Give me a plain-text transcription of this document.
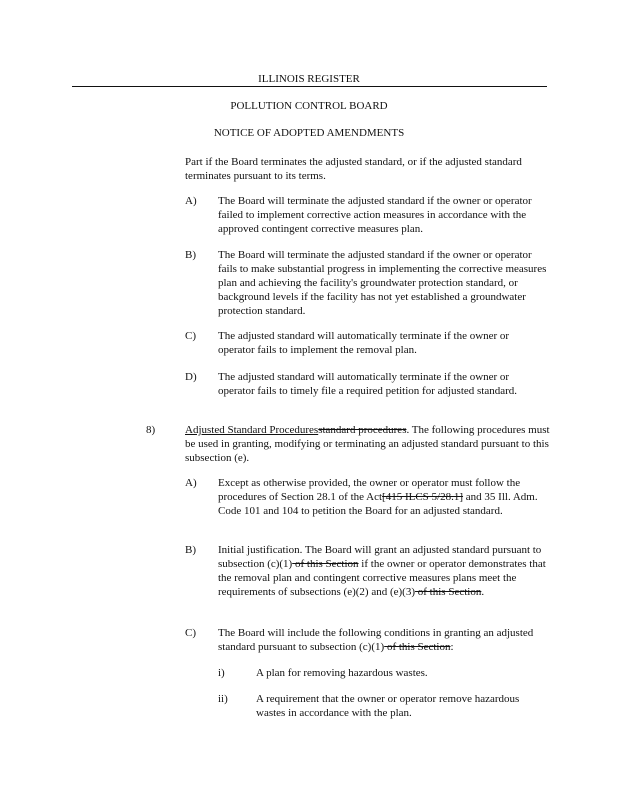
ILLINOIS REGISTER
POLLUTION CONTROL BOARD
NOTICE OF ADOPTED AMENDMENTS
Part if the Board terminates the adjusted standard, or if the adjusted standard terminates pursuant to its terms.
A) The Board will terminate the adjusted standard if the owner or operator failed to implement corrective action measures in accordance with the approved contingent corrective measures plan.
B) The Board will terminate the adjusted standard if the owner or operator fails to make substantial progress in implementing the corrective measures plan and achieving the facility's groundwater protection standard, or background levels if the facility has not yet established a groundwater protection standard.
C) The adjusted standard will automatically terminate if the owner or operator fails to implement the removal plan.
D) The adjusted standard will automatically terminate if the owner or operator fails to timely file a required petition for adjusted standard.
8)	Adjusted Standard Proceduresstandard procedures. The following procedures must be used in granting, modifying or terminating an adjusted standard pursuant to this subsection (e).
A) Except as otherwise provided, the owner or operator must follow the procedures of Section 28.1 of the Act[415 ILCS 5/28.1] and 35 Ill. Adm. Code 101 and 104 to petition the Board for an adjusted standard.
B) Initial justification. The Board will grant an adjusted standard pursuant to subsection (c)(1) of this Section if the owner or operator demonstrates that the removal plan and contingent corrective measures plans meet the requirements of subsections (e)(2) and (e)(3) of this Section.
C) The Board will include the following conditions in granting an adjusted standard pursuant to subsection (c)(1) of this Section:
i)	A plan for removing hazardous wastes.
ii)	A requirement that the owner or operator remove hazardous wastes in accordance with the plan.
